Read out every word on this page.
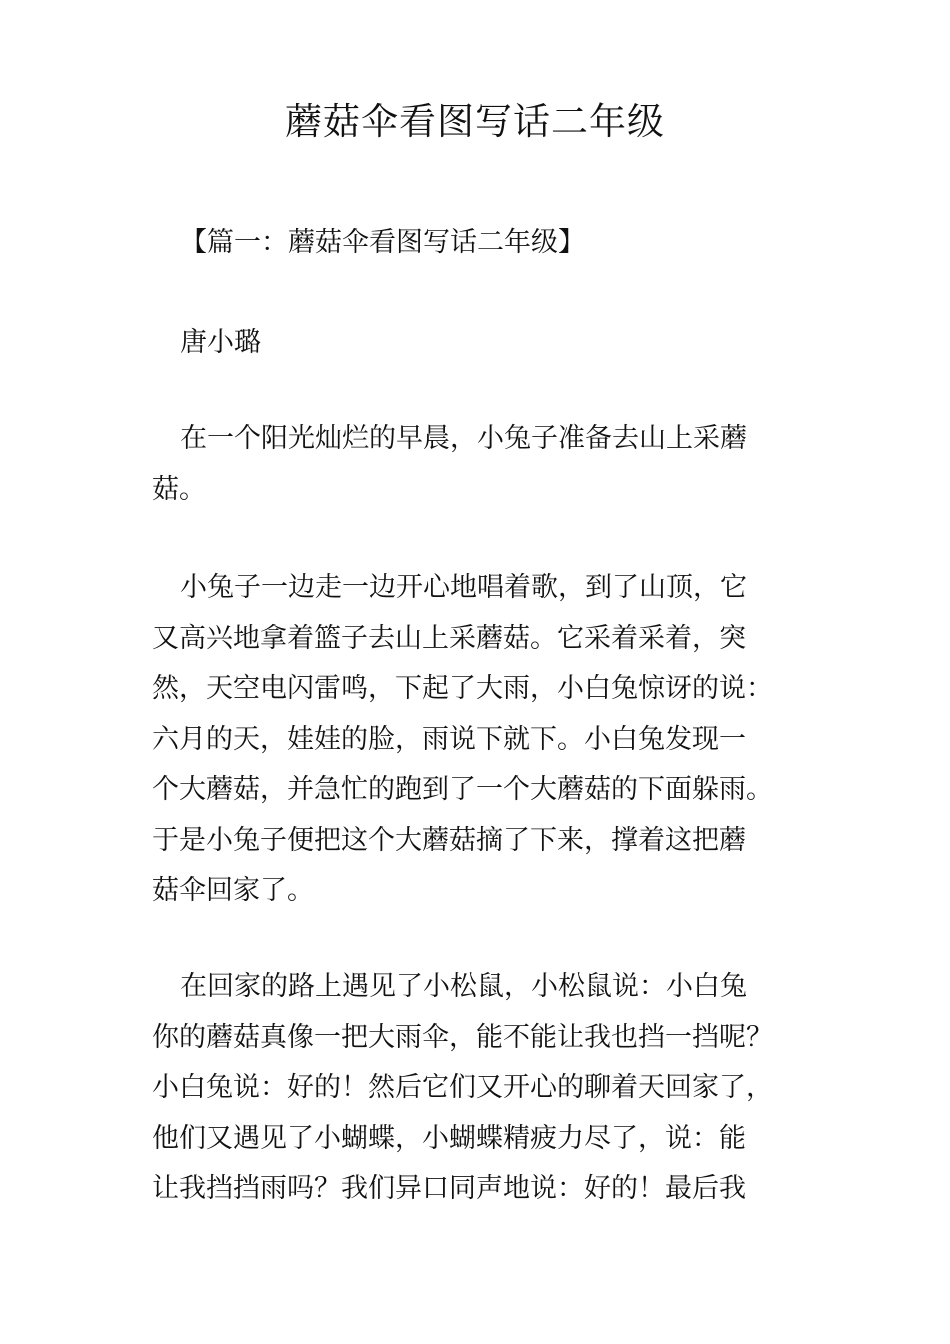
蘑菇伞看图写话二年级
【篇一：蘑菇伞看图写话二年级】

唐小璐

在一个阳光灿烂的早晨，小兔子准备去山上采蘑
菇。

小兔子一边走一边开心地唱着歌，到了山顶，它
又高兴地拿着篮子去山上采蘑菇。它采着采着，突
然，天空电闪雷鸣，下起了大雨，小白兔惊讶的说：
六月的天，娃娃的脸，雨说下就下。小白兔发现一
个大蘑菇，并急忙的跑到了一个大蘑菇的下面躲雨。
于是小兔子便把这个大蘑菇摘了下来，撑着这把蘑
菇伞回家了。

在回家的路上遇见了小松鼠，小松鼠说：小白兔
你的蘑菇真像一把大雨伞，能不能让我也挡一挡呢？
小白兔说：好的！然后它们又开心的聊着天回家了，
他们又遇见了小蝴蝶，小蝴蝶精疲力尽了，说：能
让我挡挡雨吗？我们异口同声地说：好的！最后我
